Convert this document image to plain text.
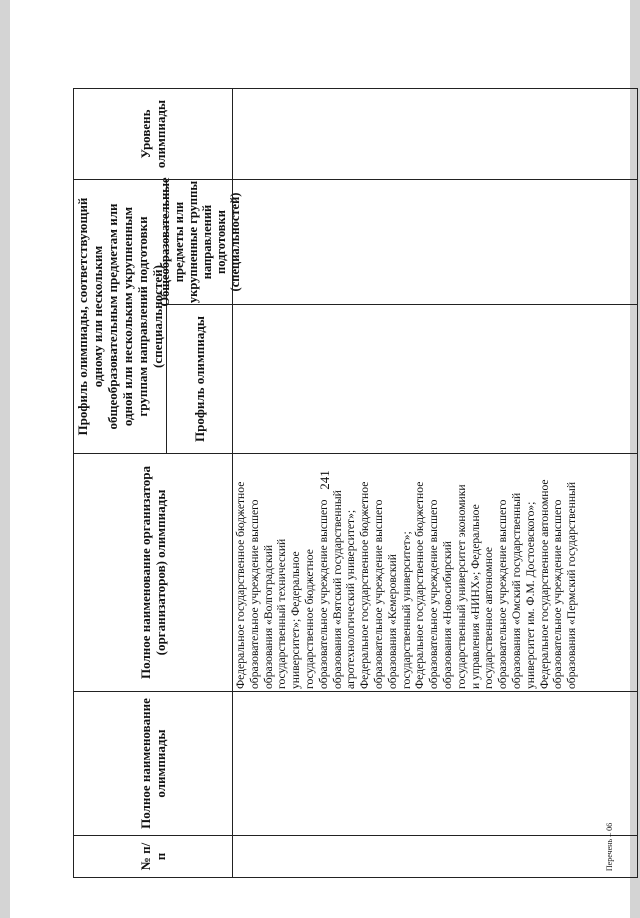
241
№ п/п
Полное наименование олимпиады
Полное наименование организатора (организаторов) олимпиады
Профиль олимпиады, соответствующий одному или нескольким общеобразовательным предметам или одной или нескольким укрупненным группам направлений подготовки (специальностей)	Профиль олимпиады
Общеобразовательные предметы или укрупненные группы направлений подготовки (специальностей)
Уровень олимпиады
Федеральное государственное бюджетное образовательное учреждение высшего образования «Волгоградский государственный технический университет»; Федеральное государственное бюджетное образовательное учреждение высшего образования «Вятский государственный агротехнологический университет»; Федеральное государственное бюджетное образовательное учреждение высшего образования «Кемеровский государственный университет»; Федеральное государственное бюджетное образовательное учреждение высшего образования «Новосибирский государственный университет экономики и управления «НИНХ»; Федеральное государственное автономное образовательное учреждение высшего образования «Омский государственный университет им. Ф.М. Достоевского»; Федеральное государственное автономное образовательное учреждение высшего образования «Пермский государственный
Перечень – 06
